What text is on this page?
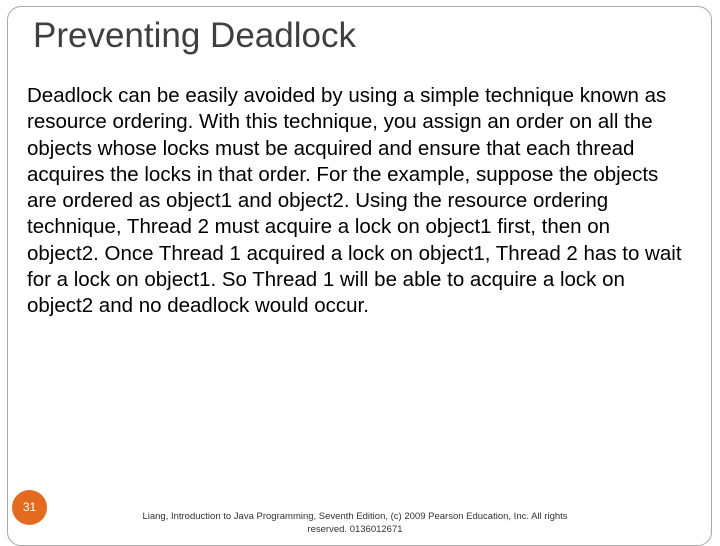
Preventing Deadlock

Deadlock can be easily avoided by using a simple technique known as resource ordering. With this technique, you assign an order on all the objects whose locks must be acquired and ensure that each thread acquires the locks in that order. For the example, suppose the objects are ordered as object1 and object2. Using the resource ordering technique, Thread 2 must acquire a lock on object1 first, then on object2. Once Thread 1 acquired a lock on object1, Thread 2 has to wait for a lock on object1. So Thread 1 will be able to acquire a lock on object2 and no deadlock would occur.

31
Liang, Introduction to Java Programming, Seventh Edition, (c) 2009 Pearson Education, Inc. All rights reserved. 0136012671
